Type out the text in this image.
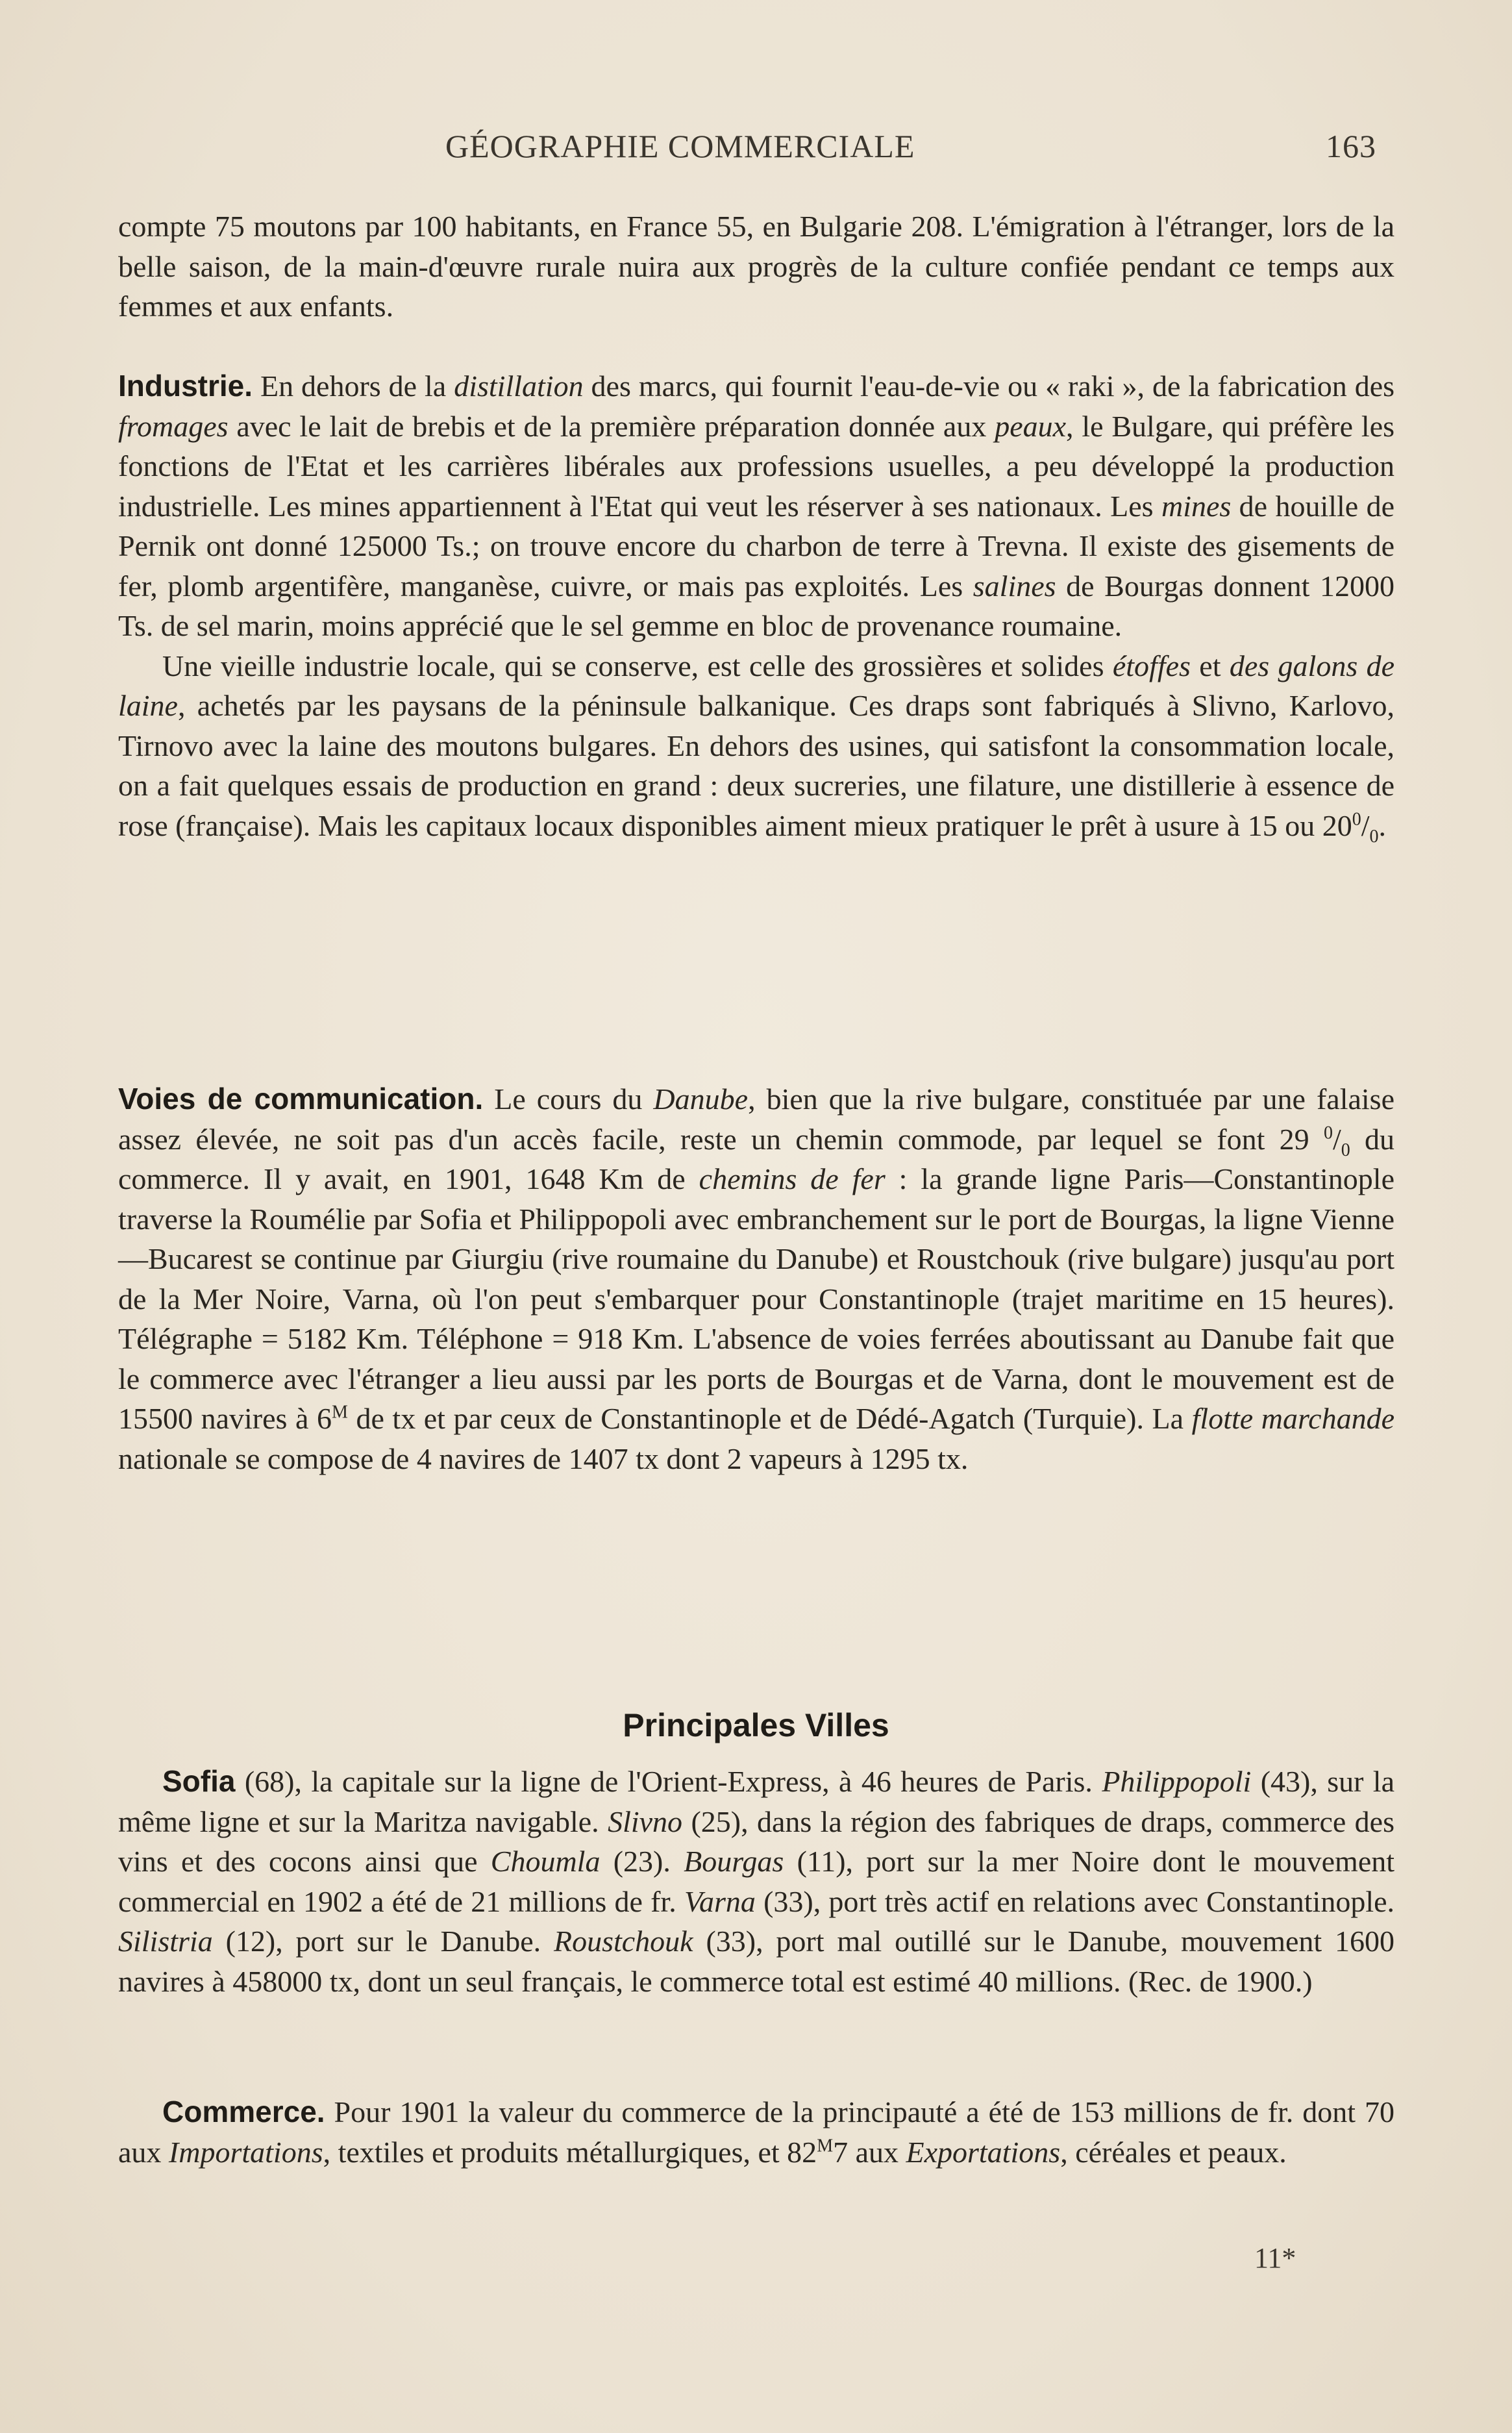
GÉOGRAPHIE COMMERCIALE	163

compte 75 moutons par 100 habitants, en France 55, en Bulgarie 208. L'émigration à l'étranger, lors de la belle saison, de la main-d'œuvre rurale nuira aux progrès de la culture confiée pendant ce temps aux femmes et aux enfants.

Industrie. En dehors de la distillation des marcs, qui fournit l'eau-de-vie ou « raki », de la fabrication des fromages avec le lait de brebis et de la première préparation donnée aux peaux, le Bulgare, qui préfère les fonctions de l'Etat et les carrières libérales aux professions usuelles, a peu développé la production industrielle. Les mines appartiennent à l'Etat qui veut les réserver à ses nationaux. Les mines de houille de Pernik ont donné 125000 Ts.; on trouve encore du charbon de terre à Trevna. Il existe des gisements de fer, plomb argentifère, manganèse, cuivre, or mais pas exploités. Les salines de Bourgas donnent 12000 Ts. de sel marin, moins apprécié que le sel gemme en bloc de provenance roumaine.

Une vieille industrie locale, qui se conserve, est celle des grossières et solides étoffes et des galons de laine, achetés par les paysans de la péninsule balkanique. Ces draps sont fabriqués à Slivno, Karlovo, Tirnovo avec la laine des moutons bulgares. En dehors des usines, qui satisfont la consommation locale, on a fait quelques essais de production en grand : deux sucreries, une filature, une distillerie à essence de rose (française). Mais les capitaux locaux disponibles aiment mieux pratiquer le prêt à usure à 15 ou $20^0/_0$.

Voies de communication. Le cours du Danube, bien que la rive bulgare, constituée par une falaise assez élevée, ne soit pas d'un accès facile, reste un chemin commode, par lequel se font 29 $^0/_0$ du commerce. Il y avait, en 1901, 1648 Km de chemins de fer : la grande ligne Paris—Constantinople traverse la Roumélie par Sofia et Philippopoli avec embranchement sur le port de Bourgas, la ligne Vienne—Bucarest se continue par Giurgiu (rive roumaine du Danube) et Roustchouk (rive bulgare) jusqu'au port de la Mer Noire, Varna, où l'on peut s'embarquer pour Constantinople (trajet maritime en 15 heures). Télégraphe = 5182 Km. Téléphone = 918 Km. L'absence de voies ferrées aboutissant au Danube fait que le commerce avec l'étranger a lieu aussi par les ports de Bourgas et de Varna, dont le mouvement est de 15500 navires à $6^M$ de tx et par ceux de Constantinople et de Dédé-Agatch (Turquie). La flotte marchande nationale se compose de 4 navires de 1407 tx dont 2 vapeurs à 1295 tx.

Principales Villes

Sofia (68), la capitale sur la ligne de l'Orient-Express, à 46 heures de Paris. Philippopoli (43), sur la même ligne et sur la Maritza navigable. Slivno (25), dans la région des fabriques de draps, commerce des vins et des cocons ainsi que Choumla (23). Bourgas (11), port sur la mer Noire dont le mouvement commercial en 1902 a été de 21 millions de fr. Varna (33), port très actif en relations avec Constantinople. Silistria (12), port sur le Danube. Roustchouk (33), port mal outillé sur le Danube, mouvement 1600 navires à 458000 tx, dont un seul français, le commerce total est estimé 40 millions. (Rec. de 1900.)

Commerce. Pour 1901 la valeur du commerce de la principauté a été de 153 millions de fr. dont 70 aux Importations, textiles et produits métallurgiques, et $82^M7$ aux Exportations, céréales et peaux.

11*
